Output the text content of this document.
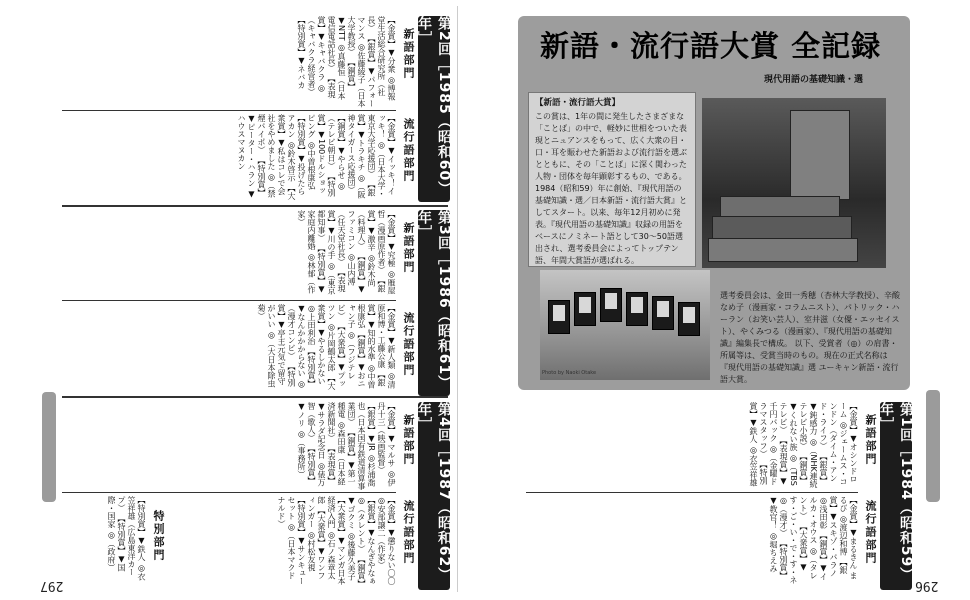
第2回［1985（昭和60）年］
新語部門
流行語部門
【金賞】▼分衆 ◎博報堂生活総合研究所（社長） 【銀賞】▼パフォーマンス ◎佐藤綾子（日本大学教授） 【銅賞】▼NTT ◎真藤恒（日本電信電話社長） 【表現賞】▼キャバクラ ◎（キャバクラ経営者） 【特別賞】▼ネバカ
【金賞】▼イッキ！イッキ！ ◎（日本大学・東京大学応援団） 【銀賞】▼トラキチ ◎（阪神タイガース応援団） 【銅賞】▼やらせ ◎（テレビ朝日） 【特別賞】▼100ドルショッピング ◎中曽根康弘 【特別賞】▼投げたらアカン ◎鈴木啓示 【大衆賞】▼私はコレで会社をやめました ◎（禁煙パイポ） 【特別賞】▼ピーター・ハラン ▼ハウスマヌカン
第3回［1986（昭和61）年］
新語部門
流行語部門
【金賞】▼究極 ◎雁屋哲（漫画原作者） 【銀賞】▼激辛 ◎鈴木尚（料理人） 【銅賞】▼ファミコン ◎山内溥（任天堂社長） 【表現賞】▼川の手 ◎（東京都知事） 【特別賞】▼家庭内離婚 ◎林郁（作家）
【金賞】▼新人類 ◎清原和博・工藤公康 【銀賞】▼知的水準 ◎中曽根康弘 【銅賞】▼おニャン子 ◎（フジテレビ） 【大衆賞】▼プッツン ◎片岡鶴太郎 【大衆賞】▼やるしかない ◎上田利治 【特別賞】▼なんかかからない ◎（漫才コンビ） 【特別賞】▼亭主元気で留守がいい ◎（大日本除虫菊）
第4回［1987（昭和62）年］
新語部門
流行語部門
【金賞】▼マルサ ◎伊丹十三（映画監督） 【銀賞】▼JR ◎杉浦喬也（日本国有鉄道清算事業団） 【銅賞】▼第一種電 ◎森田康（日本経済新聞社） 【表現賞】▼サラダ記念日 ◎俵万智（歌人） 【特別賞】▼ノリ ◎（事務所）
【金賞】▼懲りない〇〇 ◎安部譲二（作家） 【銀賞】▼なんぎやなぁ ◎（タレント） 【銅賞】▼ゴクミ ◎後藤久美子 【大衆賞】▼マンガ日本経済入門 ◎石ノ森章太郎 【大衆賞】▼ワンフィンガー ◎村松友視 【特別賞】▼サンキューセット ◎（日本マクドナルド）
特別部門
【特別賞】▼鉄人 ◎衣笠祥雄（広島東洋カープ） 【特別賞】▼国際・国家 ◎（政府）
297
新語・流行語大賞 全記録
現代用語の基礎知識・選
【新語・流行語大賞】
この賞は、1年の間に発生したさまざまな「ことば」の中で、軽妙に世相をついた表現とニュアンスをもって、広く大衆の目・口・耳を賑わせた新語および流行語を選ぶとともに、その「ことば」に深く関わった人物・団体を毎年顕彰するもの、である。 1984（昭和59）年に創始、『現代用語の基礎知識・選／日本新語・流行語大賞』としてスタート。以来、毎年12月初めに発表。『現代用語の基礎知識』収録の用語をベースにノミネート語として30〜50語選出され、選考委員会によってトップテン語、年間大賞語が選ばれる。
Photo by Naoki Otake
選考委員会は、金田一秀穂（杏林大学教授）、辛酸なめ子（漫画家・コラムニスト）、パトリック・ハーラン（お笑い芸人）、室井滋（女優・エッセイスト）、やくみつる（漫画家）、『現代用語の基礎知識』編集長で構成。 以下、受賞者（◎）の肩書・所属等は、受賞当時のもの。現在の正式名称は『現代用語の基礎知識』選 ユーキャン新語・流行語大賞。
第1回［1984（昭和59）年］
新語部門
流行語部門
【金賞】▼オシンドローム ◎ジェームス・コンドン（ダイム・アンド・ライフ） 【銀賞】▼鈍感力 ◎（NHK連続テレビ小説） 【銅賞】▼くれない族 ◎（TBSテレビ） 【表現賞】▼千円パック ◎（金曜ドラマスタッフ） 【特別賞】▼鉄人 ◎衣笠祥雄
【金賞】▼まるきん まるび ◎渡辺和博 【銀賞】▼スキゾ・パラノ ◎浅田彰 【銅賞】▼イルカ・オウス ◎（タレント） 【大衆賞】▼す・ご・い・で・す・ネ ◎（漫才） 【特別賞】▼教官！ ◎堀ちえみ
296
